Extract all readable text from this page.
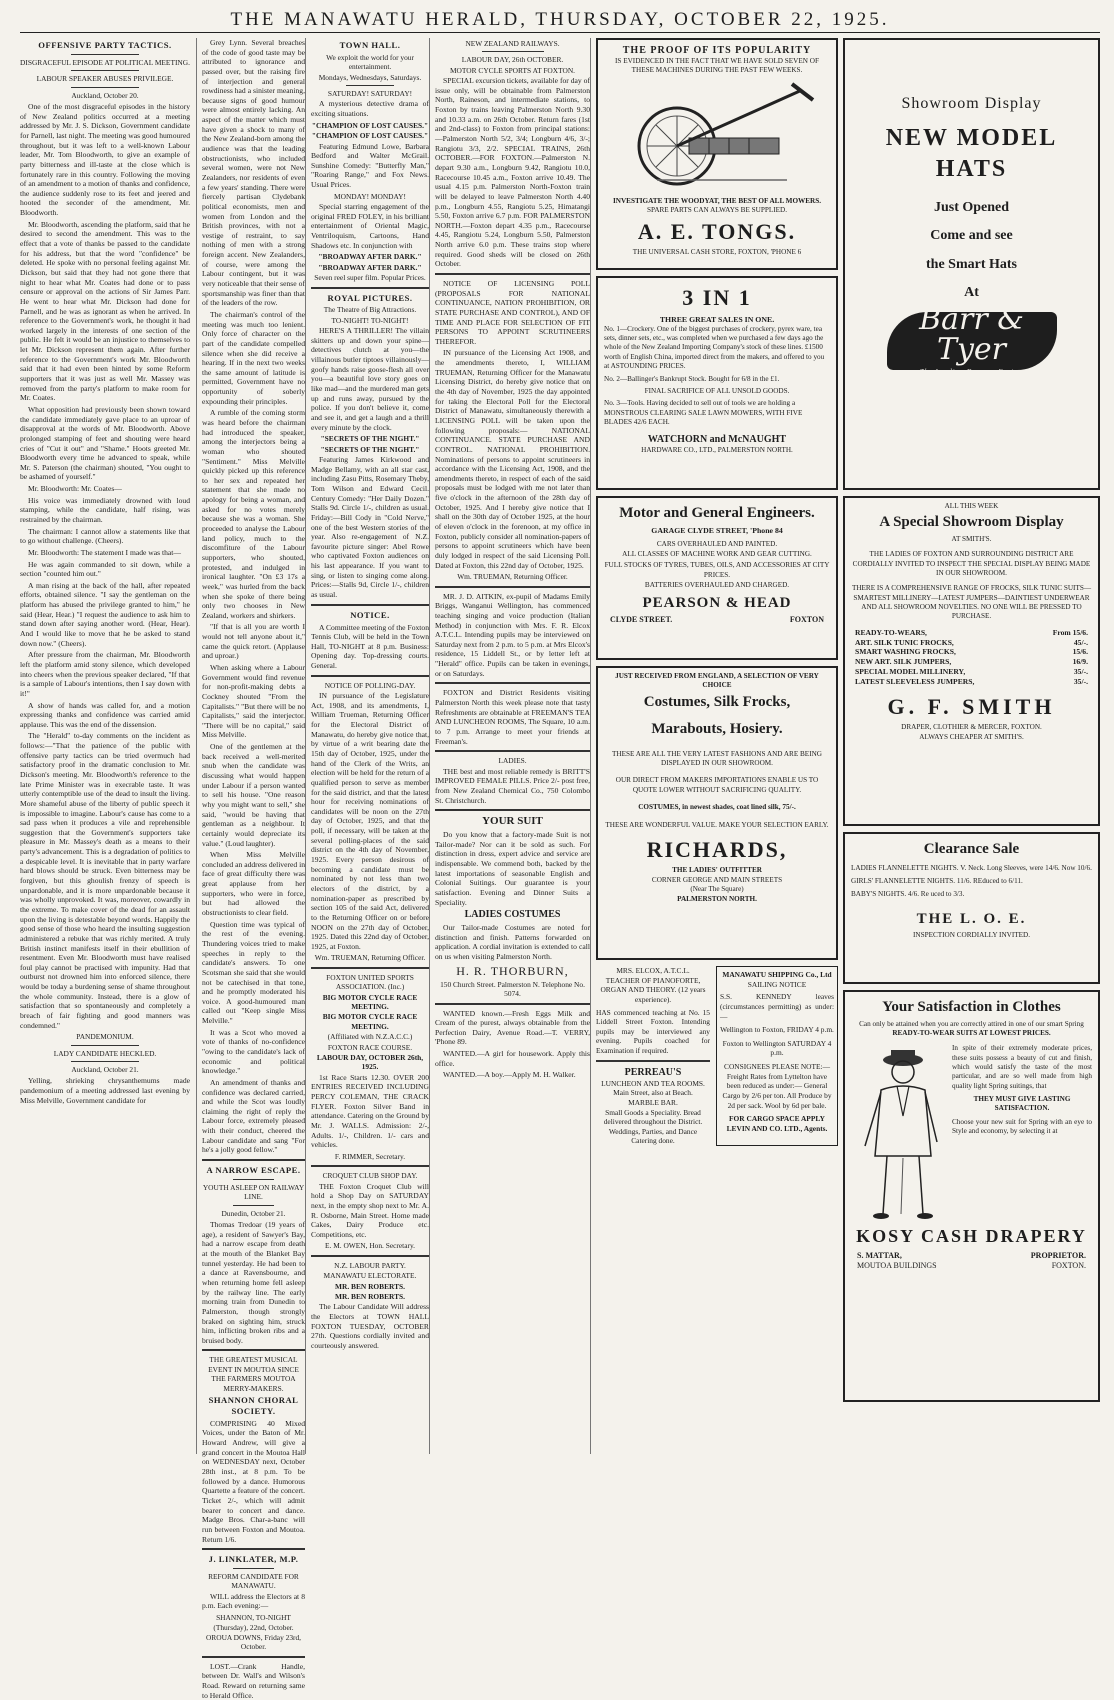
THE MANAWATU HERALD, THURSDAY, OCTOBER 22, 1925.
OFFENSIVE PARTY TACTICS.
DISGRACEFUL EPISODE AT POLITICAL MEETING.
LABOUR SPEAKER ABUSES PRIVILEGE.
Auckland, October 20.

One of the most disgraceful episodes in the history of New Zealand politics occurred at a meeting addressed by Mr. J. S. Dickson, Government candidate for Parnell, last night. The meeting was good humoured throughout, but it was left to a well-known Labour leader, Mr. Tom Bloodworth, to give an example of party bitterness and ill-taste at the close which is fortunately rare in this country. Following the moving of an amendment to a motion of thanks and confidence, the audience suddenly rose to its feet and jeered and hooted the seconder of the amendment, Mr. Bloodworth.

Mr. Bloodworth, ascending the platform, said that he desired to second the amendment. This was to the effect that a vote of thanks be passed to the candidate for his address, but that the word "confidence" be deleted. He spoke with no personal feeling against Mr. Dickson, but said that they had not gone there that night to hear what Mr. Coates had done or to pass censure or approval on the actions of Sir James Parr. He went to hear what Mr. Dickson had done for Parnell, and he was as ignorant as when he arrived. In reference to the Government's work, he thought it had worked largely in the interests of one section of the public. He felt it would be an injustice to themselves to let Mr. Dickson represent them again. After further reference to the Government's work Mr. Bloodworth said that it had even been hinted by some Reform supporters that it was just as well Mr. Massey was removed from the party's platform to make room for Mr. Coates.

What opposition had previously been shown toward the candidate immediately gave place to an uproar of disapproval at the words of Mr. Bloodworth. Above prolonged stamping of feet and shouting were heard cries of "Cut it out" and "Shame." Hoots greeted Mr. Bloodworth every time he advanced to speak, while Mr. S. Paterson (the chairman) shouted, "You ought to be ashamed of yourself."

Mr. Bloodworth: Mr. Coates—

His voice was immediately drowned with loud stamping, while the candidate, half rising, was restrained by the chairman.

The chairman: I cannot allow a statements like that to go without challenge. (Cheers).

Mr. Bloodworth: The statement I made was that—

He was again commanded to sit down, while a section "counted him out."

A man rising at the back of the hall, after repeated efforts, obtained silence. "I say the gentleman on the platform has abused the privilege granted to him," he said (Hear, Hear.) "I request the audience to ask him to stand down after saying another word. (Hear, Hear). And I would like to move that he be asked to stand down now." (Cheers).

After pressure from the chairman, Mr. Bloodworth left the platform amid stony silence, which developed into cheers when the previous speaker declared, "If that is a sample of Labour's intentions, then I say down with it!"

A show of hands was called for, and a motion expressing thanks and confidence was carried amid applause. This was the end of the dissension.

The "Herald" to-day comments on the incident as follows:—"That the patience of the public with offensive party tactics can be tried overmuch had satisfactory proof in the dramatic conclusion to Mr. Dickson's meeting. Mr. Bloodworth's reference to the late Prime Minister was in execrable taste. It was utterly contemptible use of the dead to insult the living. More shameful abuse of the liberty of public speech it is impossible to imagine. Labour's cause has come to a sad pass when it produces a vile and reprehensible suggestion that the Government's supporters take pleasure in Mr. Massey's death as a means to their party's advancement. This is a degradation of politics to a despicable level. It is inevitable that in party warfare hard blows should be struck. Even bitterness may be forgiven, but this ghoulish frenzy of speech is unpardonable, and it is more unpardonable because it was wholly unprovoked. It was, moreover, cowardly in the extreme. To make cover of the dead for an assault upon the living is detestable beyond words. Happily the good sense of those who heard the insulting suggestion administered a rebuke that was richly merited. A truly British instinct manifests itself in their ebullition of resentment. Even Mr. Bloodworth must have realised foul play cannot be practised with impunity. Had that outburst not drowned him into enforced silence, there would be today a burdening sense of shame throughout the whole community. Instead, there is a glow of satisfaction that so spontaneously and completely a breach of fair fighting and good manners was condemned."

PANDEMONIUM.
LADY CANDIDATE HECKLED.
Auckland, October 21.

Yelling, shrieking chrysanthemums made pandemonium of a meeting addressed last evening by Miss Melville, Government candidate for

Grey Lynn. Several breaches of the code of good taste may be attributed to ignorance and passed over, but the raising fire of interjection and general rowdiness had a sinister meaning, because signs of good humour were almost entirely lacking. An aspect of the matter which must have given a shock to many of the New Zealand-born among the audience was that the leading obstructionists, who included several women, were not New Zealanders, nor residents of even a few years' standing. There were fiercely partisan Clydebank political economists, men and women from London and the British provinces, with not a vestige of restraint, to say nothing of men with a strong foreign accent. New Zealanders, of course, were among the Labour contingent, but it was very noticeable that their sense of sportsmanship was finer than that of the leaders of the row.

The chairman's control of the meeting was much too lenient. Only force of character on the part of the candidate compelled silence when she did receive a hearing. If in the next two weeks the same amount of latitude is permitted, Government have no opportunity of soberly expounding their principles.

A rumble of the coming storm was heard before the chairman had introduced the speaker, among the interjectors being a woman who shouted "Sentiment." Miss Melville quickly picked up this reference to her sex and repeated her statement that she made no apology for being a woman, and asked for no votes merely because she was a woman. She proceeded to analyse the Labour land policy, much to the discomfiture of the Labour supporters, who shouted, protested, and indulged in ironical laughter. "On £3 17s a week," was hurled from the back when she spoke of there being only two chooses in New Zealand, workers and shirkers.

"If that is all you are worth I would not tell anyone about it," came the quick retort. (Applause and uproar.)

When asking where a Labour Government would find revenue for non-profit-making debts a Cockney shouted "From the Capitalists." "But there will be no Capitalists," said the interjector. "There will be no capital," said Miss Melville.

One of the gentlemen at the back received a well-merited snub when the candidate was discussing what would happen under Labour if a person wanted to sell his house. "One reason why you might want to sell," she said, "would be having that gentleman as a neighbour. It certainly would depreciate its value." (Loud laughter).

When Miss Melville concluded an address delivered in face of great difficulty there was great applause from her supporters, who were in force, but had allowed the obstructionists to clear field.

Question time was typical of the rest of the evening. Thundering voices tried to make speeches in reply to the candidate's answers. To one Scotsman she said that she would not be catechised in that tone, and he promptly moderated his voice. A good-humoured man called out "Keep single Miss Melville."

It was a Scot who moved a vote of thanks of no-confidence "owing to the candidate's lack of economic and political knowledge."

An amendment of thanks and confidence was declared carried, and while the Scot was loudly claiming the right of reply the Labour force, extremely pleased with their conduct, cheered the Labour candidate and sang "For he's a jolly good fellow."

A NARROW ESCAPE.
YOUTH ASLEEP ON RAILWAY LINE.
Dunedin, October 21.

Thomas Tredoar (19 years of age), a resident of Sawyer's Bay, had a narrow escape from death at the mouth of the Blanket Bay tunnel yesterday. He had been to a dance at Ravensbourne, and when returning home fell asleep by the railway line. The early morning train from Dunedin to Palmerston, though strongly braked on sighting him, struck him, inflicting broken ribs and a bruised body.

THE GREATEST MUSICAL EVENT IN MOUTOA SINCE THE FARMERS MOUTOA MERRY-MAKERS.
SHANNON CHORAL SOCIETY.

COMPRISING 40 Mixed Voices, under the Baton of Mr. Howard Andrew, will give a grand concert in the Moutoa Hall on WEDNESDAY next, October 28th inst., at 8 p.m. To be followed by a dance. Humorous Quartette a feature of the concert. Ticket 2/-, which will admit bearer to concert and dance. Madge Bros. Char-a-banc will run between Foxton and Moutoa. Return 1/6.

J. LINKLATER, M.P.
REFORM CANDIDATE FOR MANAWATU.

WILL address the Electors at 8 p.m. Each evening:—

SHANNON, TO-NIGHT (Thursday), 22nd, October.
OROUA DOWNS, Friday 23rd, October.

LOST.—Crank Handle, between Dr. Wall's and Wilson's Road. Reward on returning same to Herald Office.

TOWN HALL.
We exploit the world for your entertainment.
Mondays, Wednesdays, Saturdays.
SATURDAY! SATURDAY!

A mysterious detective drama of exciting situations.

"CHAMPION OF LOST CAUSES."
"CHAMPION OF LOST CAUSES."

Featuring Edmund Lowe, Barbara Bedford and Walter McGrail. Sunshine Comedy: "Butterfly Man," "Roaring Range," and Fox News. Usual Prices.

MONDAY! MONDAY!

Special starring engagement of the original FRED FOLEY, in his brilliant entertainment of Oriental Magic, Ventriloquism, Cartoons, Hand Shadows etc. In conjunction with

"BROADWAY AFTER DARK."
"BROADWAY AFTER DARK."
Seven reel super film. Popular Prices.
ROYAL PICTURES.
The Theatre of Big Attractions.
TO-NIGHT! TO-NIGHT!

HERE'S A THRILLER! The villain skitters up and down your spine—detectives clutch at you—the villainous butler tiptoes villainously—goofy hands raise goose-flesh all over you—a beautiful love story goes on like mad—and the murdered man gets up and runs away, pursued by the police. If you don't believe it, come and see it, and get a laugh and a thrill every minute by the clock.

"SECRETS OF THE NIGHT."
"SECRETS OF THE NIGHT."

Featuring James Kirkwood and Madge Bellamy, with an all star cast, including Zasu Pitts, Rosemary Theby, Tom Wilson and Edward Cecil. Century Comedy: "Her Daily Dozen." Stalls 9d. Circle 1/-, children as usual. Friday:—Bill Cody in "Cold Nerve," one of the best Western stories of the year. Also re-engagement of N.Z. favourite picture singer: Abel Rowe who captivated Foxton audiences on his last appearance. If you want to sing, or listen to singing come along. Prices:—Stalls 9d, Circle 1/-, children as usual.

NOTICE.

A Committee meeting of the Foxton Tennis Club, will be held in the Town Hall, TO-NIGHT at 8 p.m. Business: Opening day. Top-dressing courts. General.

NOTICE OF POLLING-DAY.

IN pursuance of the Legislature Act, 1908, and its amendments, I, William Trueman, Returning Officer for the Electoral District of Manawatu, do hereby give notice that, by virtue of a writ bearing date the 15th day of October, 1925, under the hand of the Clerk of the Writs, an election will be held for the return of a qualified person to serve as member for the said district, and that the latest hour for receiving nominations of candidates will be noon on the 27th day of October, 1925, and that the poll, if necessary, will be taken at the several polling-places of the said district on the 4th day of November, 1925. Every person desirous of becoming a candidate must be nominated by not less than two electors of the district, by a nomination-paper as prescribed by section 105 of the said Act, delivered to the Returning Officer on or before NOON on the 27th day of October, 1925. Dated this 22nd day of October, 1925, at Foxton.

Wm. TRUEMAN, Returning Officer.
FOXTON UNITED SPORTS ASSOCIATION. (Inc.)
BIG MOTOR CYCLE RACE MEETING.
BIG MOTOR CYCLE RACE MEETING.
(Affiliated with N.Z.A.C.C.)
FOXTON RACE COURSE.
LABOUR DAY, OCTOBER 26th, 1925.

1st Race Starts 12.30. OVER 200 ENTRIES RECEIVED INCLUDING PERCY COLEMAN, THE CRACK FLYER. Foxton Silver Band in attendance. Catering on the Ground by Mr. J. WALLS. Admission: 2/-, Adults. 1/-, Children. 1/- cars and vehicles.

F. RIMMER, Secretary.
CROQUET CLUB SHOP DAY.

THE Foxton Croquet Club will hold a Shop Day on SATURDAY next, in the empty shop next to Mr. A. R. Osborne, Main Street. Home made Cakes, Dairy Produce etc. Competitions, etc.

E. M. OWEN, Hon. Secretary.
N.Z. LABOUR PARTY.
MANAWATU ELECTORATE.
MR. BEN ROBERTS.
MR. BEN ROBERTS.

The Labour Candidate Will address the Electors at TOWN HALL FOXTON TUESDAY, OCTOBER 27th. Questions cordially invited and courteously answered.

NEW ZEALAND RAILWAYS.
LABOUR DAY, 26th OCTOBER.
MOTOR CYCLE SPORTS AT FOXTON.

SPECIAL excursion tickets, available for day of issue only, will be obtainable from Palmerston North, Raineson, and intermediate stations, to Foxton by trains leaving Palmerston North 9.30 and 10.33 a.m. on 26th October. Return fares (1st and 2nd-class) to Foxton from principal stations:—Palmerston North 5/2, 3/4; Longburn 4/6, 3/-; Rangiotu 3/3, 2/2. SPECIAL TRAINS, 26th OCTOBER.—FOR FOXTON.—Palmerston N. depart 9.30 a.m., Longburn 9.42, Rangiotu 10.0, Racecourse 10.45 a.m., Foxton arrive 10.49. The usual 4.15 p.m. Palmerston North-Foxton train will be delayed to leave Palmerston North 4.40 p.m., Longburn 4.55, Rangiotu 5.25, Himatangi 5.50, Foxton arrive 6.7 p.m. FOR PALMERSTON NORTH.—Foxton depart 4.35 p.m., Racecourse 4.45, Rangiotu 5.24, Longburn 5.50, Palmerston North arrive 6.0 p.m. These trains stop where required. Good sheds will be closed on 26th October.

NOTICE OF LICENSING POLL (PROPOSALS FOR NATIONAL CONTINUANCE, NATION PROHIBITION, OR STATE PURCHASE AND CONTROL), AND OF TIME AND PLACE FOR SELECTION OF FIT PERSONS TO APPOINT SCRUTINEERS THEREFOR.

IN pursuance of the Licensing Act 1908, and the amendments thereto, I, WILLIAM TRUEMAN, Returning Officer for the Manawatu Licensing District, do hereby give notice that on the 4th day of November, 1925 the day appointed for taking the Electoral Poll for the Electoral District of Manawatu, simultaneously therewith a LICENSING POLL will be taken upon the following proposals:— NATIONAL CONTINUANCE. STATE PURCHASE AND CONTROL. NATIONAL PROHIBITION. Nominations of persons to appoint scrutineers in accordance with the Licensing Act, 1908, and the amendments thereto, in respect of each of the said proposals must be lodged with me not later than five o'clock in the afternoon of the 28th day of October, 1925. And I hereby give notice that I shall on the 30th day of October 1925, at the hour of eleven o'clock in the forenoon, at my office in Foxton, publicly consider all nomination-papers of persons to appoint scrutineers which have been duly lodged in respect of the said Licensing Poll. Dated at Foxton, this 22nd day of October, 1925.

Wm. TRUEMAN, Returning Officer.

MR. J. D. AITKIN, ex-pupil of Madams Emily Briggs, Wanganui Wellington, has commenced teaching singing and voice production (Italian Method) in conjunction with Mrs. F. R. Elcox A.T.C.L. Intending pupils may be interviewed on Saturday next from 2 p.m. to 5 p.m. at Mrs Elcox's residence, 15 Liddell St., or by letter left at "Herald" office. Pupils can be taken in evenings, or on Saturdays.

FOXTON and District Residents visiting Palmerston North this week please note that tasty Refreshments are obtainable at FREEMAN'S TEA AND LUNCHEON ROOMS, The Square, 10 a.m. to 7 p.m. Arrange to meet your friends at Freeman's.

LADIES.

THE best and most reliable remedy is BRITT'S IMPROVED FEMALE PILLS. Price 2/- post free, from New Zealand Chemical Co., 750 Colombo St. Christchurch.

YOUR SUIT

Do you know that a factory-made Suit is not Tailor-made? Nor can it be sold as such. For distinction in dress, expert advice and service are indispensable. We commend both, backed by the latest importations of seasonable English and Colonial Suitings. Our guarantee is your satisfaction. Evening and Dinner Suits a Speciality.

LADIES COSTUMES

Our Tailor-made Costumes are noted for distinction and finish. Patterns forwarded on application. A cordial invitation is extended to call on us when visiting Palmerston North.

H. R. THORBURN,
150 Church Street. Palmerston N. Telephone No. 5074.

WANTED known.—Fresh Eggs Milk and Cream of the purest, always obtainable from the Perfection Dairy, Avenue Road.—T. VERRY, 'Phone 89.

WANTED.—A girl for housework. Apply this office.

WANTED.—A boy.—Apply M. H. Walker.

THE PROOF OF ITS POPULARITY
IS EVIDENCED IN THE FACT THAT WE HAVE SOLD SEVEN OF THESE MACHINES DURING THE PAST FEW WEEKS.
INVESTIGATE THE WOODYAT, THE BEST OF ALL MOWERS.
SPARE PARTS CAN ALWAYS BE SUPPLIED.
A. E. TONGS.
THE UNIVERSAL CASH STORE, FOXTON, 'PHONE 6
3 IN 1
THREE GREAT SALES IN ONE.
No. 1—Crockery. One of the biggest purchases of crockery, pyrex ware, tea sets, dinner sets, etc., was completed when we purchased a few days ago the whole of the New Zealand Importing Company's stock of these lines. £1500 worth of English China, imported direct from the makers, and offered to you at ASTOUNDING PRICES.
No. 2—Ballinger's Bankrupt Stock. Bought for 6/8 in the £1.
FINAL SACRIFICE OF ALL UNSOLD GOODS.
No. 3—Tools. Having decided to sell out of tools we are holding a MONSTROUS CLEARING SALE LAWN MOWERS, WITH FIVE BLADES 42/6 EACH.
WATCHORN and McNAUGHT
HARDWARE CO., LTD., PALMERSTON NORTH.
Motor and General Engineers.
GARAGE CLYDE STREET, 'Phone 84
CARS OVERHAULED AND PAINTED.
ALL CLASSES OF MACHINE WORK AND GEAR CUTTING.
FULL STOCKS OF TYRES, TUBES, OILS, AND ACCESSORIES AT CITY PRICES.
BATTERIES OVERHAULED AND CHARGED.
PEARSON & HEAD
CLYDE STREET.	FOXTON
JUST RECEIVED FROM ENGLAND, A SELECTION OF VERY CHOICE
Costumes, Silk Frocks,
Marabouts, Hosiery.
THESE ARE ALL THE VERY LATEST FASHIONS AND ARE BEING DISPLAYED IN OUR SHOWROOM.
OUR DIRECT FROM MAKERS IMPORTATIONS ENABLE US TO QUOTE LOWER WITHOUT SACRIFICING QUALITY.
COSTUMES, in newest shades, coat lined silk, 75/-.
THESE ARE WONDERFUL VALUE. MAKE YOUR SELECTION EARLY.
RICHARDS,
THE LADIES' OUTFITTER
CORNER GEORGE AND MAIN STREETS
(Near The Square)
PALMERSTON NORTH.
MRS. ELCOX, A.T.C.L.
TEACHER OF PIANOFORTE, ORGAN AND THEORY. (12 years experience).
HAS commenced teaching at No. 15 Liddell Street Foxton. Intending pupils may be interviewed any evening. Pupils coached for Examination if required.
PERREAU'S
LUNCHEON AND TEA ROOMS.
Main Street, also at Beach.
MARBLE BAR.
Small Goods a Speciality. Bread delivered throughout the District. Weddings, Parties, and Dance Catering done.
MANAWATU SHIPPING Co., Ltd
SAILING NOTICE
S.S. KENNEDY leaves (circumstances permitting) as under:—
Wellington to Foxton, FRIDAY 4 p.m.
Foxton to Wellington SATURDAY 4 p.m.
CONSIGNEES PLEASE NOTE:— Freight Rates from Lyttelton have been reduced as under:— General Cargo by 2/6 per ton. All Produce by 2d per sack. Wool by 6d per bale.
FOR CARGO SPACE APPLY LEVIN AND CO. LTD., Agents.
Showroom Display
NEW MODEL HATS
Just Opened
Come and see
the Smart Hats
At
Barr & Tyer
The Leading Drapers Foxton
ALL THIS WEEK
A Special Showroom Display
AT SMITH'S.
THE LADIES OF FOXTON AND SURROUNDING DISTRICT ARE CORDIALLY INVITED TO INSPECT THE SPECIAL DISPLAY BEING MADE IN OUR SHOWROOM.
THERE IS A COMPREHENSIVE RANGE OF FROCKS, SILK TUNIC SUITS—SMARTEST MILLINERY—LATEST JUMPERS—DAINTIEST UNDERWEAR AND ALL SHOWROOM NOVELTIES. NO ONE WILL BE PRESSED TO PURCHASE.
READY-TO-WEARS,	From 15/6.
ART. SILK TUNIC FROCKS,	45/-.
SMART WASHING FROCKS,	15/6.
NEW ART. SILK JUMPERS,	16/9.
SPECIAL MODEL MILLINERY,	35/-.
LATEST SLEEVELESS JUMPERS,	35/-.
G. F. SMITH
DRAPER, CLOTHIER & MERCER, FOXTON.
ALWAYS CHEAPER AT SMITH'S.
Clearance Sale
LADIES FLANNELETTE NIGHTS. V. Neck. Long Sleeves, were 14/6. Now 10/6.
GIRLS' FLANNELETTE NIGHTS. 11/6. REduced to 6/11.
BABY'S NIGHTS. 4/6. Re uced to 3/3.
THE L. O. E.
INSPECTION CORDIALLY INVITED.
Your Satisfaction in Clothes
Can only be attained when you are correctly attired in one of our smart Spring
READY-TO-WEAR SUITS AT LOWEST PRICES.
In spite of their extremely moderate prices, these suits possess a beauty of cut and finish, which would satisfy the taste of the most particular, and are so well made from high quality light Spring suitings, that
THEY MUST GIVE LASTING SATISFACTION.
Choose your new suit for Spring with an eye to Style and economy, by selecting it at
KOSY CASH DRAPERY
S. MATTAR,	PROPRIETOR.
MOUTOA BUILDINGS	FOXTON.
